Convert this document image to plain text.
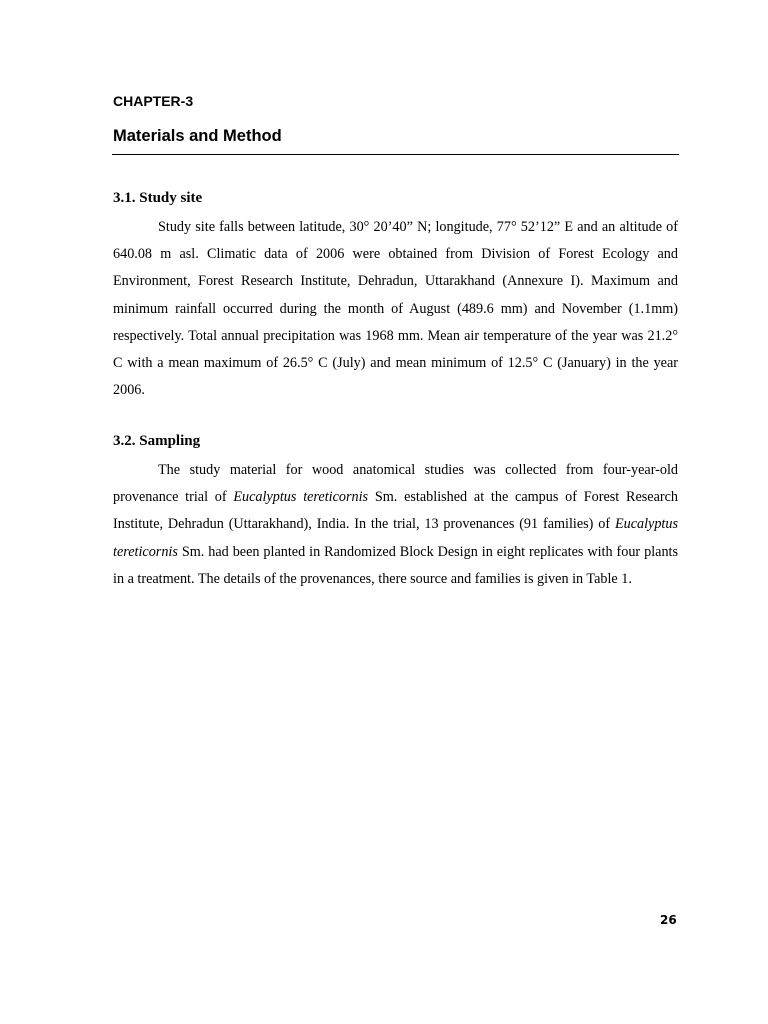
CHAPTER-3
Materials and Method
3.1. Study site
Study site falls between latitude, 30° 20’40” N; longitude, 77° 52’12” E and an altitude of 640.08 m asl. Climatic data of 2006 were obtained from Division of Forest Ecology and Environment, Forest Research Institute, Dehradun, Uttarakhand (Annexure I). Maximum and minimum rainfall occurred during the month of August (489.6 mm) and November (1.1mm) respectively. Total annual precipitation was 1968 mm. Mean air temperature of the year was 21.2° C with a mean maximum of 26.5° C (July) and mean minimum of 12.5° C (January) in the year 2006.
3.2. Sampling
The study material for wood anatomical studies was collected from four-year-old provenance trial of Eucalyptus tereticornis Sm. established at the campus of Forest Research Institute, Dehradun (Uttarakhand), India. In the trial, 13 provenances (91 families) of Eucalyptus tereticornis Sm. had been planted in Randomized Block Design in eight replicates with four plants in a treatment. The details of the provenances, there source and families is given in Table 1.
26
